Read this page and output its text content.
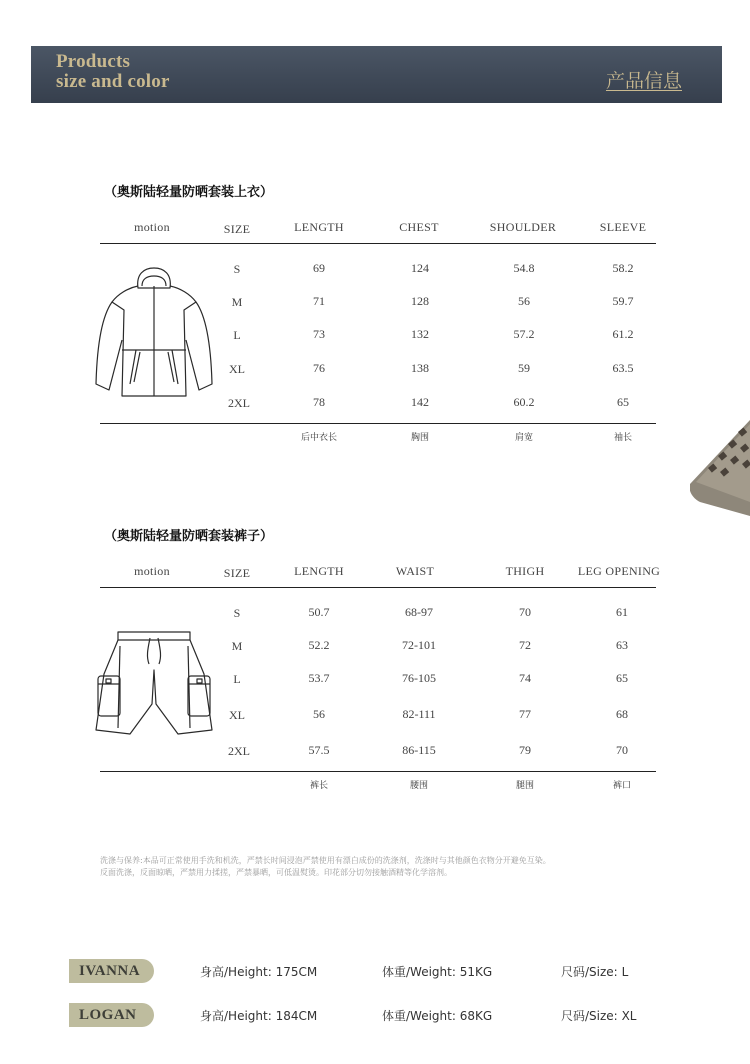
Products
size and color	产品信息
（奥斯陆轻量防晒套装上衣）
motion	SIZE	LENGTH	CHEST	SHOULDER	SLEEVE
S	69	124	54.8	58.2
M	71	128	56	59.7
L	73	132	57.2	61.2
XL	76	138	59	63.5
2XL	78	142	60.2	65
后中衣长	胸围	肩宽	袖长
（奥斯陆轻量防晒套装裤子）
motion	SIZE	LENGTH	WAIST	THIGH	LEG OPENING
S	50.7	68-97	70	61
M	52.2	72-101	72	63
L	53.7	76-105	74	65
XL	56	82-111	77	68
2XL	57.5	86-115	79	70
裤长	腰围	腿围	裤口
洗涤与保养:本品可正常使用手洗和机洗，严禁长时间浸泡严禁使用有漂白成份的洗涤剂，洗涤时与其他颜色衣物分开避免互染。
反面洗涤，反面晾晒，严禁用力揉搓，严禁暴晒，可低温熨烫。印花部分切勿接触酒精等化学溶剂。
IVANNA	身高/Height: 175CM	体重/Weight: 51KG	尺码/Size: L
LOGAN	身高/Height: 184CM	体重/Weight: 68KG	尺码/Size: XL
